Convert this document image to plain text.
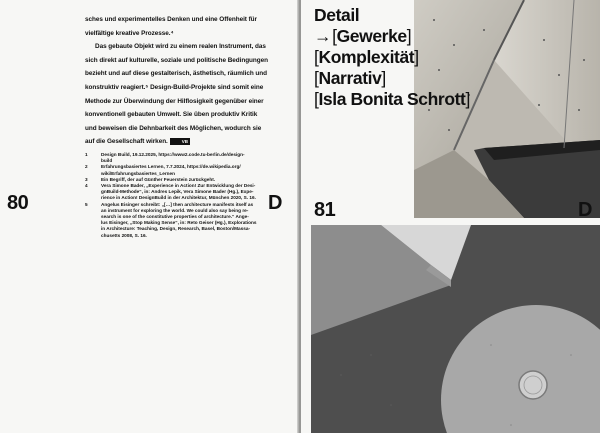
sches und experimentelles Denken und eine Offenheit für vielfältige kreative Prozesse.⁴

Das gebaute Objekt wird zu einem realen Instrument, das sich direkt auf kulturelle, soziale und politische Bedingungen bezieht und auf diese gestalterisch, ästhetisch, räumlich und konstruktiv reagiert.⁵ Design-Build-Projekte sind somit eine Methode zur Überwindung der Hilflosigkeit gegenüber einer konventionell gebauten Umwelt. Sie üben produktiv Kritik und beweisen die Dehnbarkeit des Möglichen, wodurch sie auf die Gesellschaft wirken.	VB

1	Design Build, 19.12.2025, https://www2.code.tu-berlin.de/design-
build
2	Erfahrungsbasiertes Lernen, 7.7.2024, https://de.wikipedia.org/
wiki/Erfahrungsbasiertes_Lernen
3	Ein Begriff, der auf Günther Feuerstein zurückgeht.
4	Vera Simone Bader, „Experience in Action! Zur Entwicklung der Desi-
gnBuild-Methode“, in: Andres Lepik, Vera Simone Bader (Hg.), Expe-
rience in Action! DesignBuild in der Architektur, München 2020, S. 16.
5	Angelus Eisinger schreibt: „[…] then architecture manifests itself as
an instrument for exploring the world. We could also say being re-
search is one of the constitutive properties of architecture.“ Ange-
lus Eisinger, „Stop Making Sense“, in: Reto Geiser (Hg.), Explorations
in Architecture: Teaching, Design, Research, Basel, Boston/Massa-
chusetts 2008, S. 16.
80	D
Detail
→[Gewerke]
[Komplexität]
[Narrativ]
[Isla Bonita Schrott]
81	D
